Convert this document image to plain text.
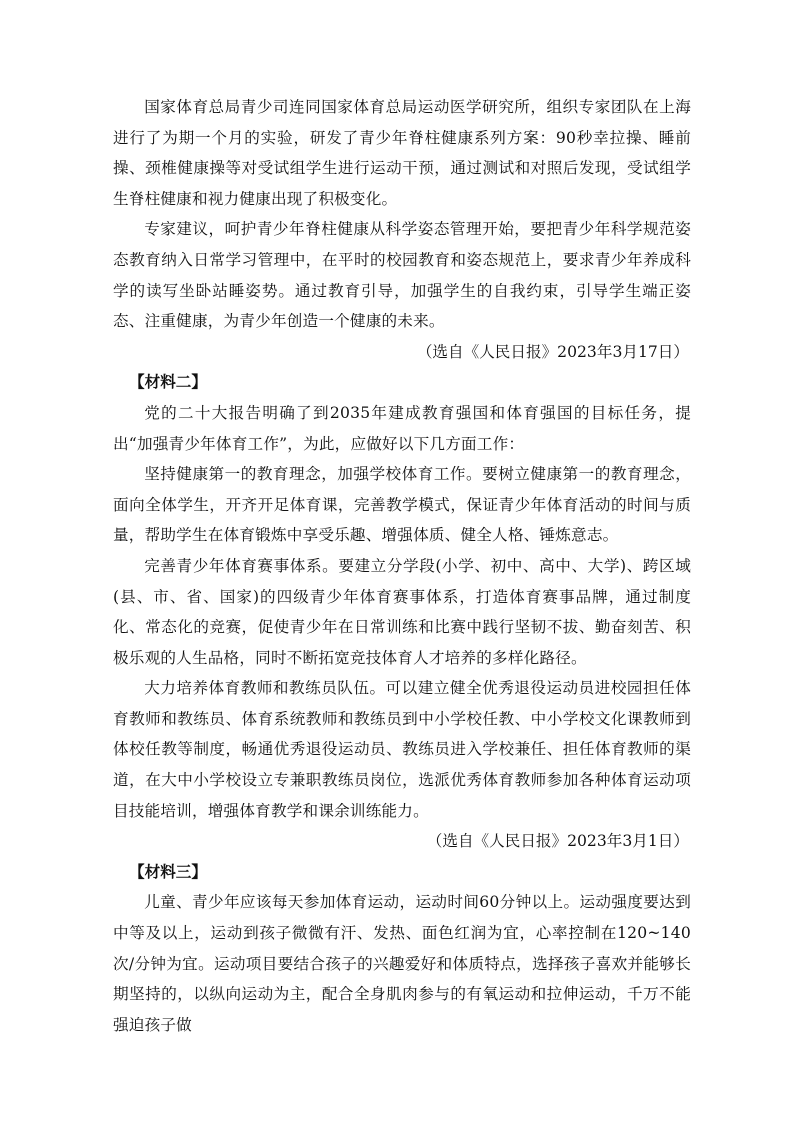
国家体育总局青少司连同国家体育总局运动医学研究所，组织专家团队在上海进行了为期一个月的实验，研发了青少年脊柱健康系列方案：90秒幸拉操、睡前操、颈椎健康操等对受试组学生进行运动干预，通过测试和对照后发现，受试组学生脊柱健康和视力健康出现了积极变化。

专家建议，呵护青少年脊柱健康从科学姿态管理开始，要把青少年科学规范姿态教育纳入日常学习管理中，在平时的校园教育和姿态规范上，要求青少年养成科学的读写坐卧站睡姿势。通过教育引导，加强学生的自我约束，引导学生端正姿态、注重健康，为青少年创造一个健康的未来。

（选自《人民日报》2023年3月17日）

【材料二】

党的二十大报告明确了到2035年建成教育强国和体育强国的目标任务，提出“加强青少年体育工作”，为此，应做好以下几方面工作：

坚持健康第一的教育理念，加强学校体育工作。要树立健康第一的教育理念，面向全体学生，开齐开足体育课，完善教学模式，保证青少年体育活动的时间与质量，帮助学生在体育锻炼中享受乐趣、增强体质、健全人格、锤炼意志。

完善青少年体育赛事体系。要建立分学段(小学、初中、高中、大学)、跨区域(县、市、省、国家)的四级青少年体育赛事体系，打造体育赛事品牌，通过制度化、常态化的竞赛，促使青少年在日常训练和比赛中践行坚韧不拔、勤奋刻苦、积极乐观的人生品格，同时不断拓宽竞技体育人才培养的多样化路径。

大力培养体育教师和教练员队伍。可以建立健全优秀退役运动员进校园担任体育教师和教练员、体育系统教师和教练员到中小学校任教、中小学校文化课教师到体校任教等制度，畅通优秀退役运动员、教练员进入学校兼任、担任体育教师的渠道，在大中小学校设立专兼职教练员岗位，选派优秀体育教师参加各种体育运动项目技能培训，增强体育教学和课余训练能力。

（选自《人民日报》2023年3月1日）

【材料三】

儿童、青少年应该每天参加体育运动，运动时间60分钟以上。运动强度要达到中等及以上，运动到孩子微微有汗、发热、面色红润为宜，心率控制在120~140次/分钟为宜。运动项目要结合孩子的兴趣爱好和体质特点，选择孩子喜欢并能够长期坚持的，以纵向运动为主，配合全身肌肉参与的有氧运动和拉伸运动，千万不能强迫孩子做
